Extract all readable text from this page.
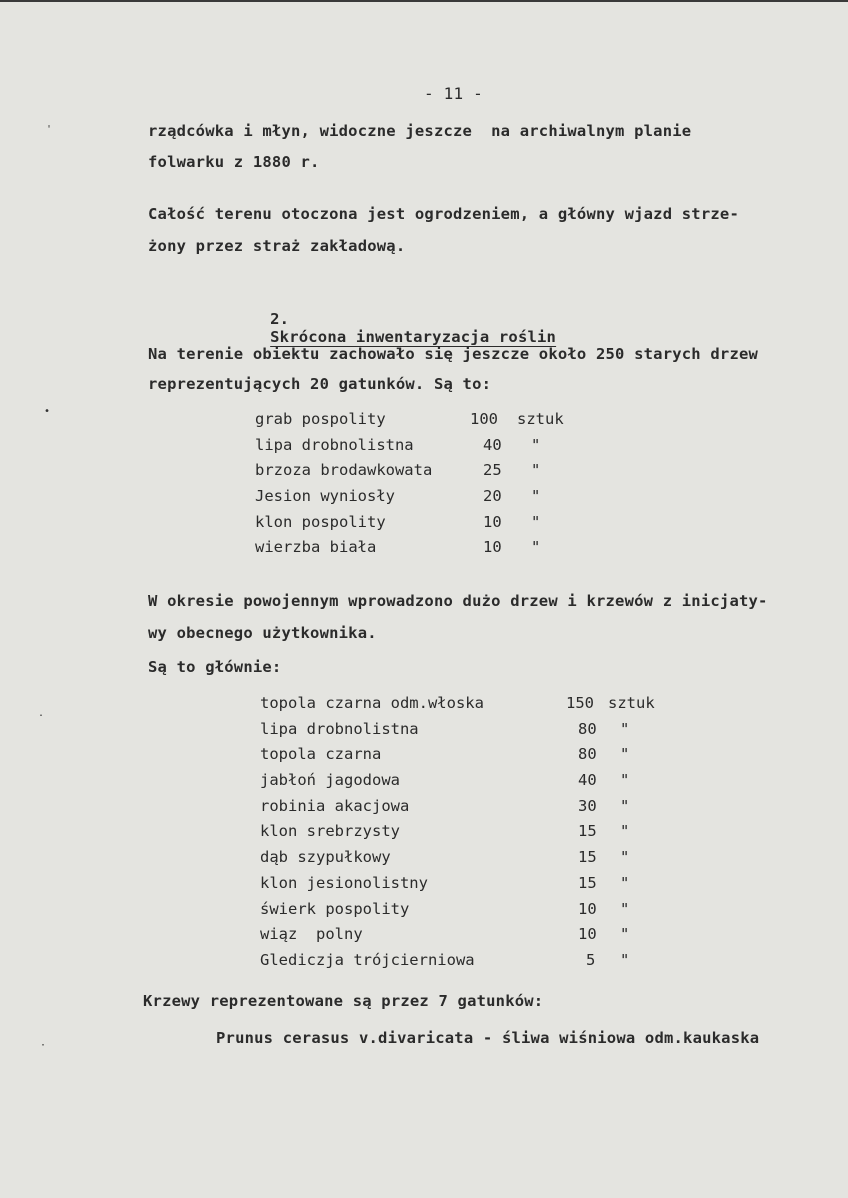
'
•
.
·
- 11 -
rządcówka i młyn, widoczne jeszcze  na archiwalnym planie
folwarku z 1880 r.
Całość terenu otoczona jest ogrodzeniem, a główny wjazd strze-
żony przez straż zakładową.

2.
Skrócona inwentaryzacja roślin

Na terenie obiektu zachowało się jeszcze około 250 starych drzew
reprezentujących 20 gatunków. Są to:
grab pospolity	100 sztuk
lipa drobnolistna	40 "
brzoza brodawkowata	25 "
Jesion wyniosły	20 "
klon pospolity	10 "
wierzba biała	10 "
W okresie powojennym wprowadzono dużo drzew i krzewów z inicjaty-
wy obecnego użytkownika.
Są to głównie:
topola czarna odm.włoska	150 sztuk
lipa drobnolistna	80 "
topola czarna	80 "
jabłoń jagodowa	40 "
robinia akacjowa	30 "
klon srebrzysty	15 "
dąb szypułkowy	15 "
klon jesionolistny	15 "
świerk pospolity	10 "
wiąz  polny	10 "
Glediczja trójcierniowa	5 "
Krzewy reprezentowane są przez 7 gatunków:
Prunus cerasus v.divaricata - śliwa wiśniowa odm.kaukaska
